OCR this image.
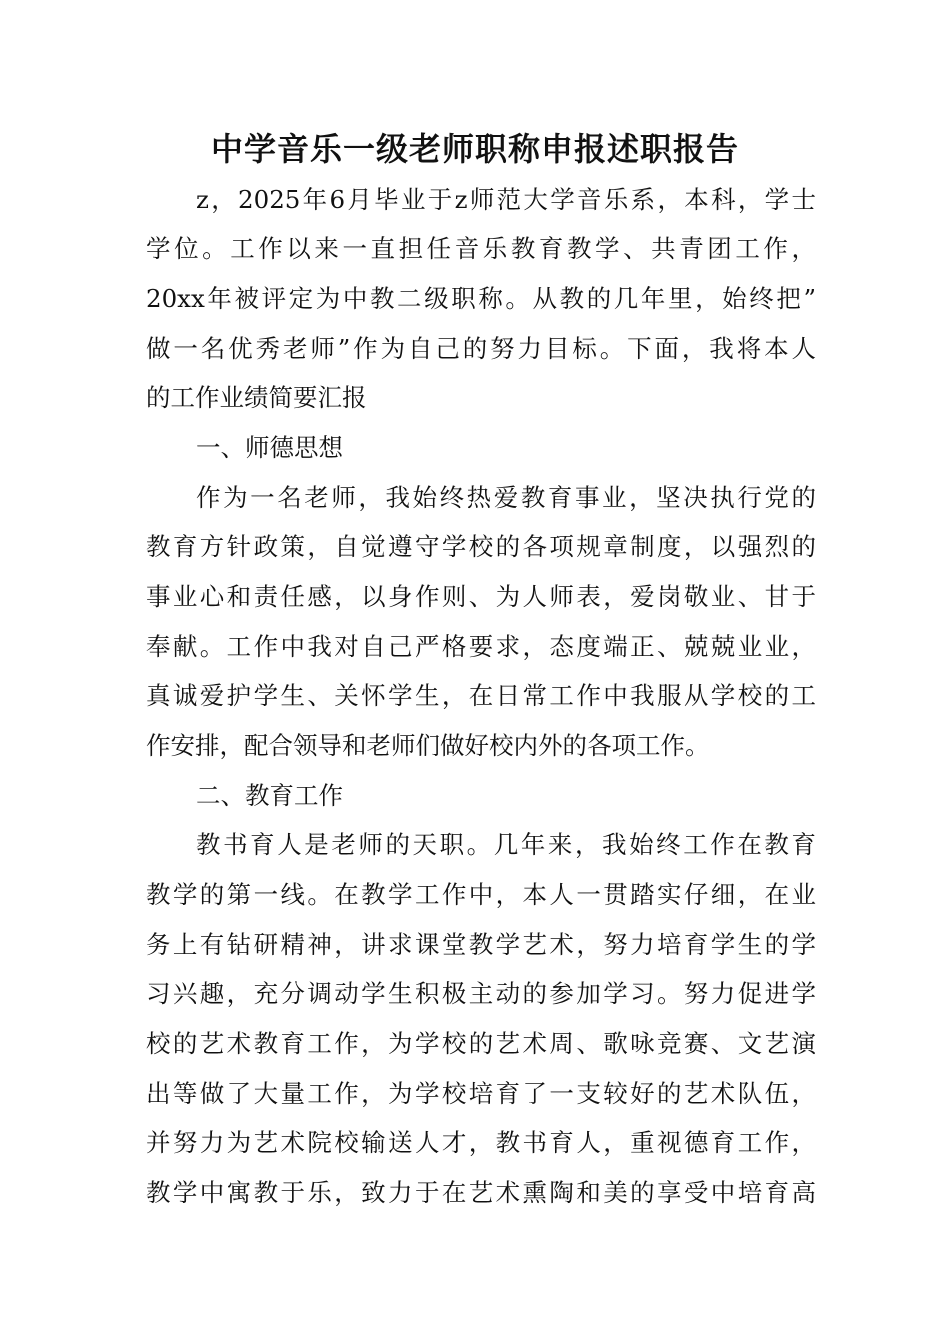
中学音乐一级老师职称申报述职报告
z，2025年6月毕业于z师范大学音乐系，本科，学士
学位。工作以来一直担任音乐教育教学、共青团工作，
20xx年被评定为中教二级职称。从教的几年里，始终把”
做一名优秀老师”作为自己的努力目标。下面，我将本人
的工作业绩简要汇报
一、师德思想
作为一名老师，我始终热爱教育事业，坚决执行党的
教育方针政策，自觉遵守学校的各项规章制度，以强烈的
事业心和责任感，以身作则、为人师表，爱岗敬业、甘于
奉献。工作中我对自己严格要求，态度端正、兢兢业业，
真诚爱护学生、关怀学生，在日常工作中我服从学校的工
作安排，配合领导和老师们做好校内外的各项工作。
二、教育工作
教书育人是老师的天职。几年来，我始终工作在教育
教学的第一线。在教学工作中，本人一贯踏实仔细，在业
务上有钻研精神，讲求课堂教学艺术，努力培育学生的学
习兴趣，充分调动学生积极主动的参加学习。努力促进学
校的艺术教育工作，为学校的艺术周、歌咏竞赛、文艺演
出等做了大量工作，为学校培育了一支较好的艺术队伍，
并努力为艺术院校输送人才，教书育人，重视德育工作，
教学中寓教于乐，致力于在艺术熏陶和美的享受中培育高
